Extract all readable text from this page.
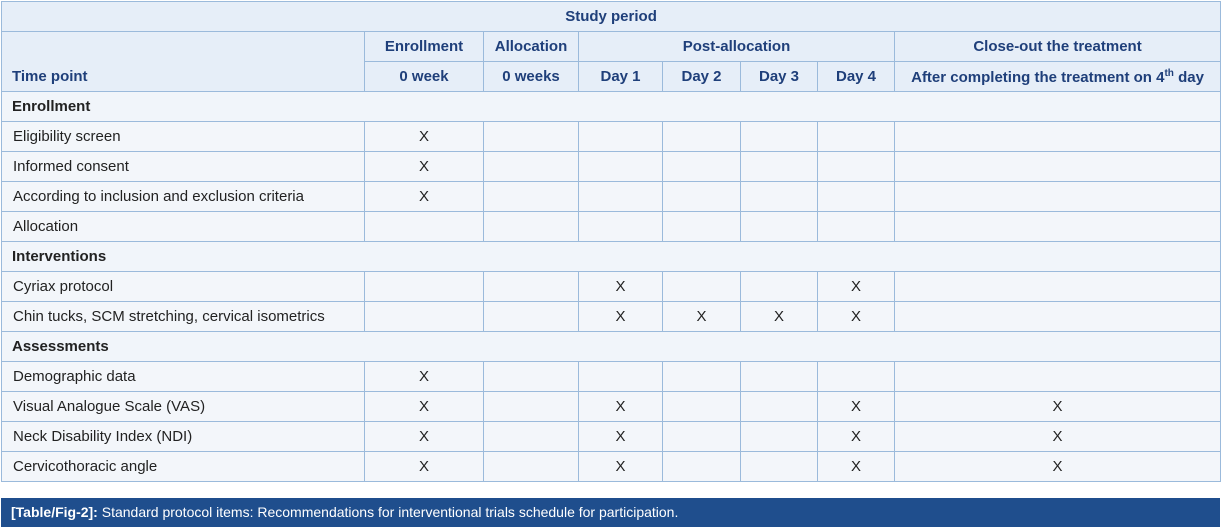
Study period							
Time point	Enrollment	Allocation	Post-allocation				Close-out the treatment
	0 week	0 weeks	Day 1	Day 2	Day 3	Day 4	After completing the treatment on 4th day
Enrollment							
Eligibility screen	X						
Informed consent	X						
According to inclusion and exclusion criteria	X						
Allocation							
Interventions							
Cyriax protocol			X			X	
Chin tucks, SCM stretching, cervical isometrics			X	X	X	X	
Assessments							
Demographic data	X						
Visual Analogue Scale (VAS)	X		X			X	X
Neck Disability Index (NDI)	X		X			X	X
Cervicothoracic angle	X		X			X	X
[Table/Fig-2]: Standard protocol items: Recommendations for interventional trials schedule for participation.
